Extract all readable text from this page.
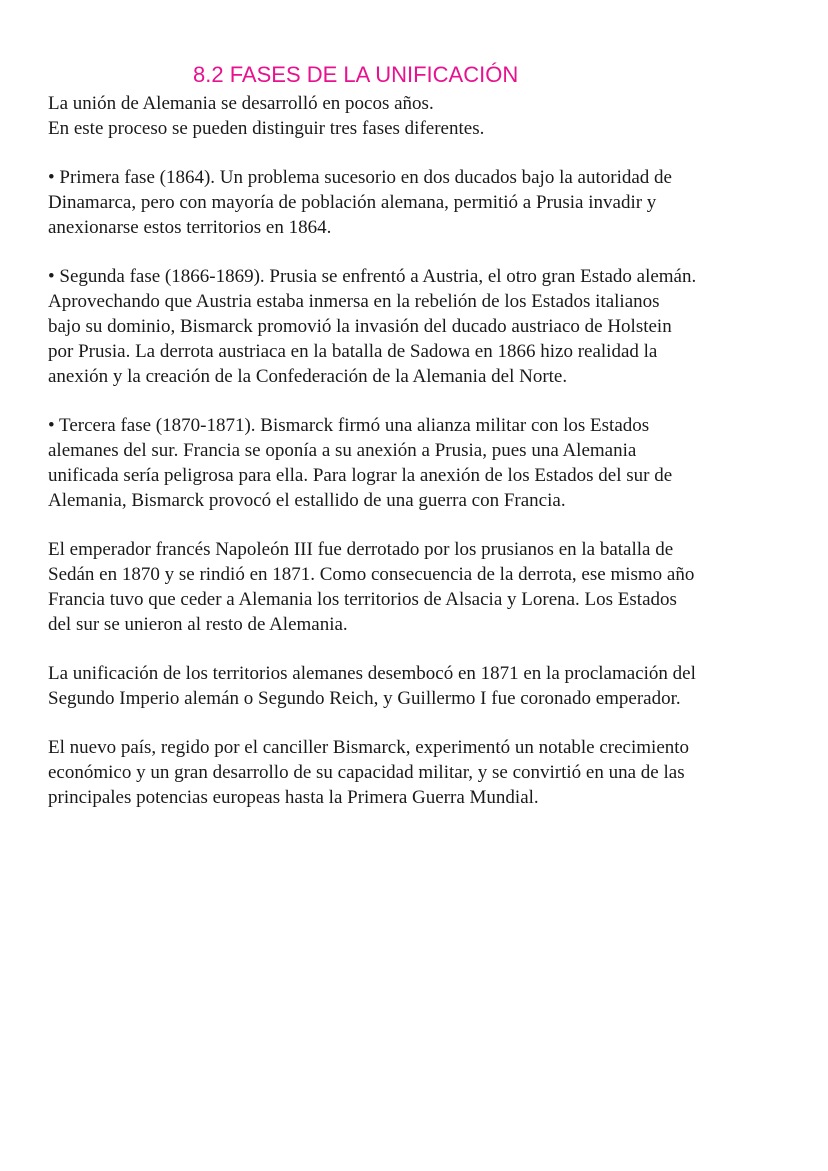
8.2 FASES DE LA UNIFICACIÓN

La unión de Alemania se desarrolló en pocos años.
En este proceso se pueden distinguir tres fases diferentes.

• Primera fase (1864). Un problema sucesorio en dos ducados bajo la autoridad de
Dinamarca, pero con mayoría de población alemana, permitió a Prusia invadir y
anexionarse estos territorios en 1864.

• Segunda fase (1866-1869). Prusia se enfrentó a Austria, el otro gran Estado alemán.
Aprovechando que Austria estaba inmersa en la rebelión de los Estados italianos
bajo su dominio, Bismarck promovió la invasión del ducado austriaco de Holstein
por Prusia. La derrota austriaca en la batalla de Sadowa en 1866 hizo realidad la
anexión y la creación de la Confederación de la Alemania del Norte.

• Tercera fase (1870-1871). Bismarck firmó una alianza militar con los Estados
alemanes del sur. Francia se oponía a su anexión a Prusia, pues una Alemania
unificada sería peligrosa para ella. Para lograr la anexión de los Estados del sur de
Alemania, Bismarck provocó el estallido de una guerra con Francia.

El emperador francés Napoleón III fue derrotado por los prusianos en la batalla de
Sedán en 1870 y se rindió en 1871. Como consecuencia de la derrota, ese mismo año
Francia tuvo que ceder a Alemania los territorios de Alsacia y Lorena. Los Estados
del sur se unieron al resto de Alemania.

La unificación de los territorios alemanes desembocó en 1871 en la proclamación del
Segundo Imperio alemán o Segundo Reich, y Guillermo I fue coronado emperador.

El nuevo país, regido por el canciller Bismarck, experimentó un notable crecimiento
económico y un gran desarrollo de su capacidad militar, y se convirtió en una de las
principales potencias europeas hasta la Primera Guerra Mundial.
